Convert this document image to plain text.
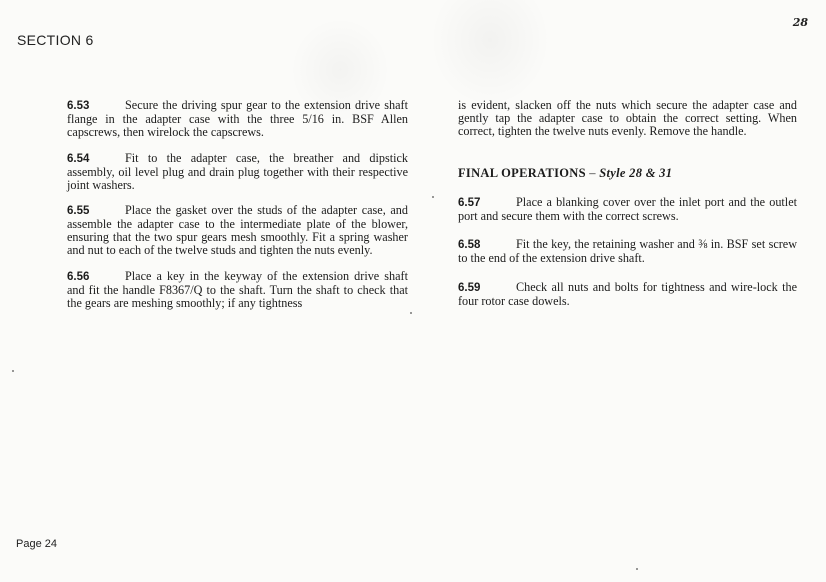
SECTION 6
28

6.53	Secure the driving spur gear to the extension drive shaft flange in the adapter case with the three 5/16 in. BSF Allen capscrews, then wirelock the capscrews.

6.54	Fit to the adapter case, the breather and dipstick assembly, oil level plug and drain plug together with their respective joint washers.

6.55	Place the gasket over the studs of the adapter case, and assemble the adapter case to the intermediate plate of the blower, ensuring that the two spur gears mesh smoothly. Fit a spring washer and nut to each of the twelve studs and tighten the nuts evenly.

6.56	Place a key in the keyway of the extension drive shaft and fit the handle F8367/Q to the shaft. Turn the shaft to check that the gears are meshing smoothly; if any tightness

is evident, slacken off the nuts which secure the adapter case and gently tap the adapter case to obtain the correct setting. When correct, tighten the twelve nuts evenly. Remove the handle.

FINAL OPERATIONS – Style 28 & 31

6.57	Place a blanking cover over the inlet port and the outlet port and secure them with the correct screws.

6.58	Fit the key, the retaining washer and ⅜ in. BSF set screw to the end of the extension drive shaft.

6.59	Check all nuts and bolts for tightness and wire-lock the four rotor case dowels.

Page 24
